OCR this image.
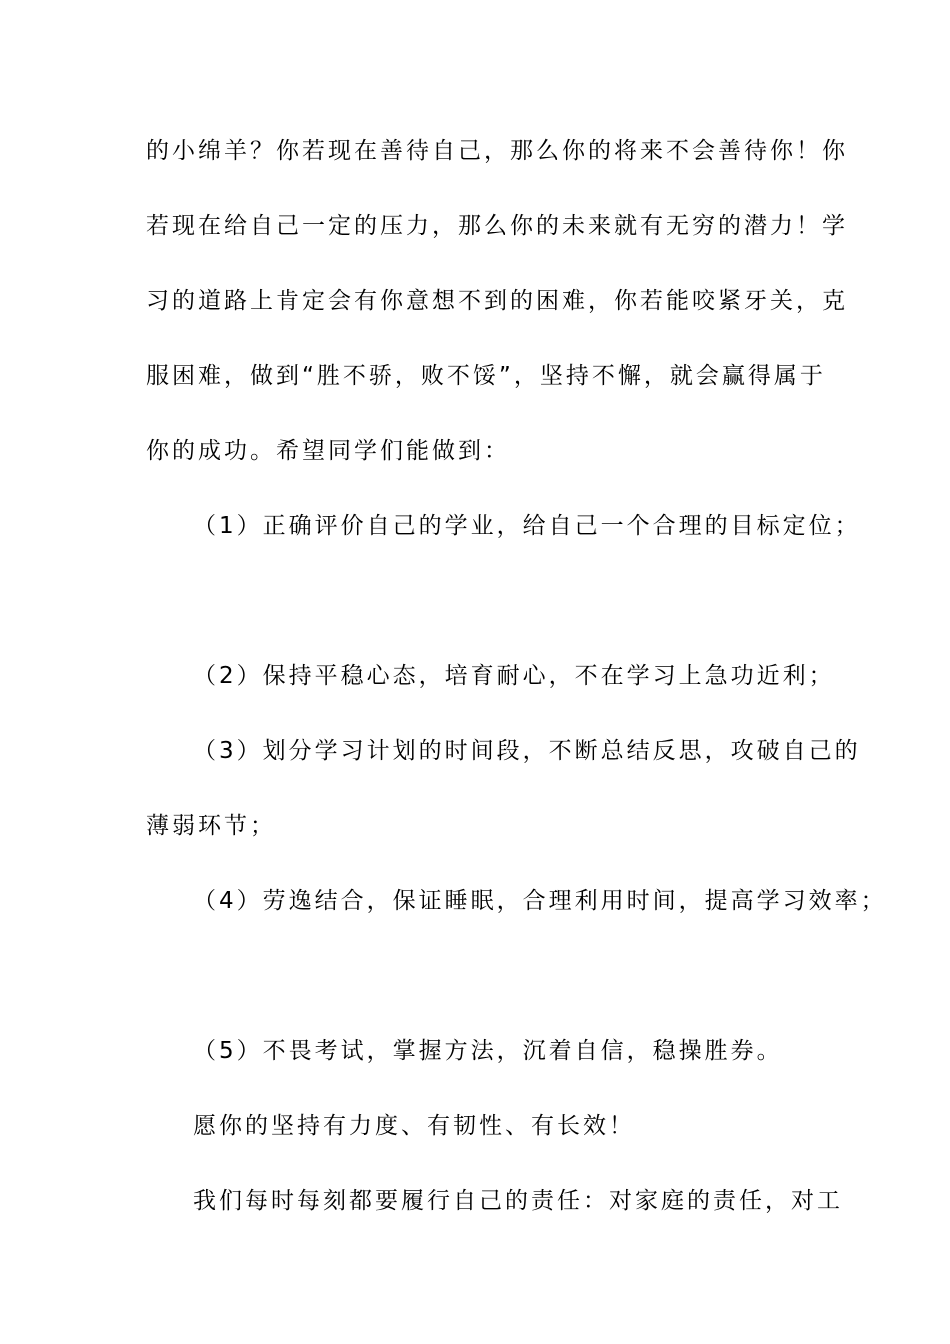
的小绵羊？你若现在善待自己，那么你的将来不会善待你！你
若现在给自己一定的压力，那么你的未来就有无穷的潜力！学
习的道路上肯定会有你意想不到的困难，你若能咬紧牙关，克
服困难，做到“胜不骄，败不馁”，坚持不懈，就会赢得属于
你的成功。希望同学们能做到：
（1）正确评价自己的学业，给自己一个合理的目标定位；
（2）保持平稳心态，培育耐心，不在学习上急功近利；
（3）划分学习计划的时间段，不断总结反思，攻破自己的
薄弱环节；
（4）劳逸结合，保证睡眠，合理利用时间，提高学习效率；
（5）不畏考试，掌握方法，沉着自信，稳操胜券。
愿你的坚持有力度、有韧性、有长效！
我们每时每刻都要履行自己的责任：对家庭的责任，对工
